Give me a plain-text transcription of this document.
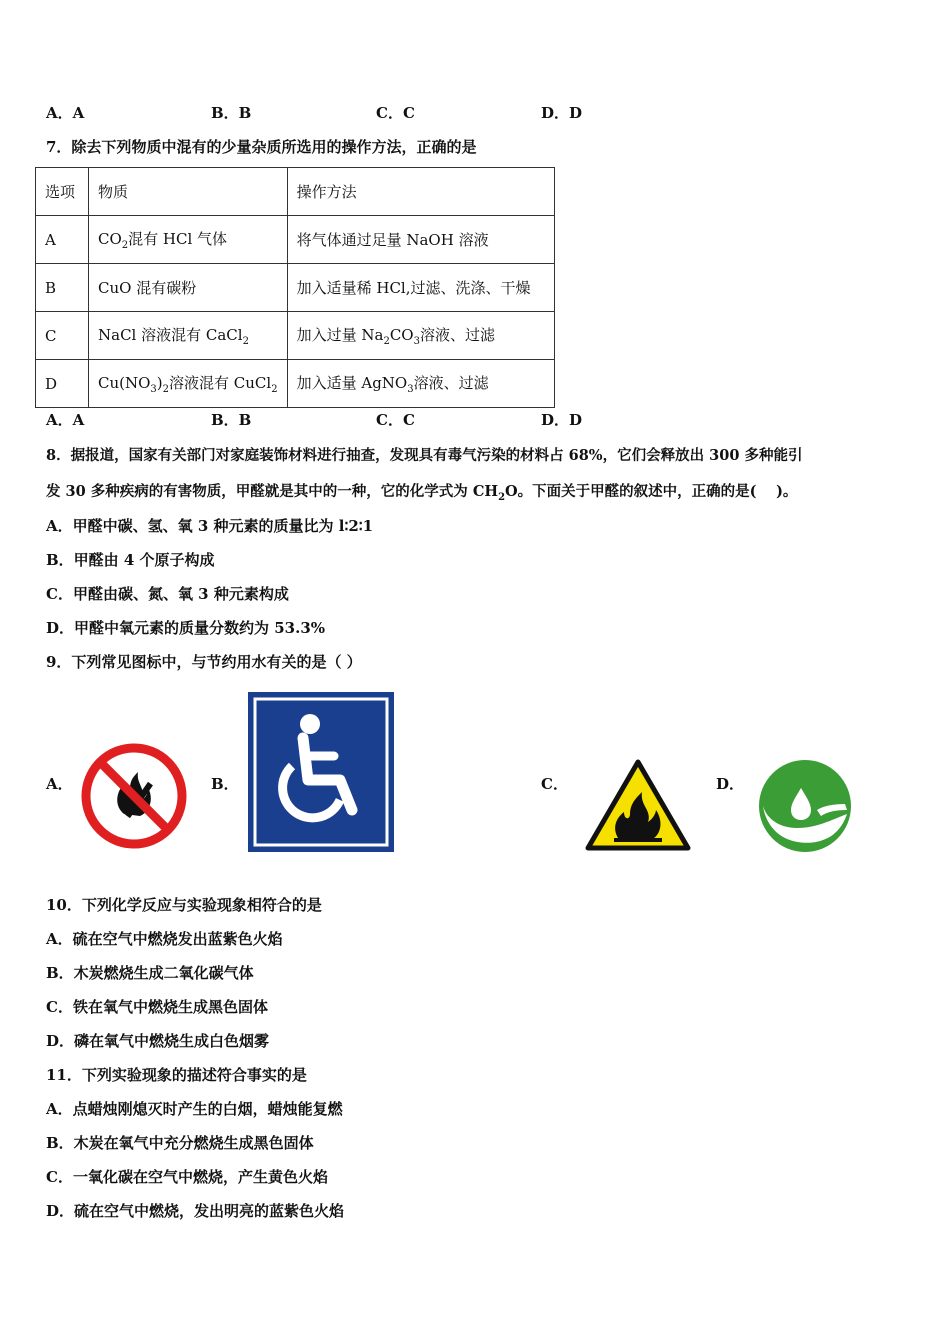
A．A	B．B	C．C	D．D
7．除去下列物质中混有的少量杂质所选用的操作方法，正确的是
选项	物质	操作方法
A	$CO_2$混有 HCl 气体	将气体通过足量 NaOH 溶液
B	CuO 混有碳粉	加入适量稀 HCl,过滤、洗涤、干燥
C	NaCl 溶液混有 CaCl$_2$	加入过量 $Na_2CO_3$溶液、过滤
D	$Cu(NO_3)_2$溶液混有 CuCl$_2$	加入适量 AgNO$_3$溶液、过滤
A．A	B．B	C．C	D．D
8．据报道，国家有关部门对家庭装饰材料进行抽查，发现具有毒气污染的材料占 68%，它们会释放出 300 多种能引
发 30 多种疾病的有害物质，甲醛就是其中的一种，它的化学式为 $CH_2O$。下面关于甲醛的叙述中，正确的是(　 )。
A．甲醛中碳、氢、氧 3 种元素的质量比为 l∶2∶1
B．甲醛由 4 个原子构成
C．甲醛由碳、氮、氧 3 种元素构成
D．甲醛中氧元素的质量分数约为 53.3%
9．下列常见图标中，与节约用水有关的是（ ）
A．	B．	C．	D．
10．下列化学反应与实验现象相符合的是
A．硫在空气中燃烧发出蓝紫色火焰
B．木炭燃烧生成二氧化碳气体
C．铁在氧气中燃烧生成黑色固体
D．磷在氧气中燃烧生成白色烟雾
11．下列实验现象的描述符合事实的是
A．点蜡烛刚熄灭时产生的白烟，蜡烛能复燃
B．木炭在氧气中充分燃烧生成黑色固体
C．一氧化碳在空气中燃烧，产生黄色火焰
D．硫在空气中燃烧，发出明亮的蓝紫色火焰
